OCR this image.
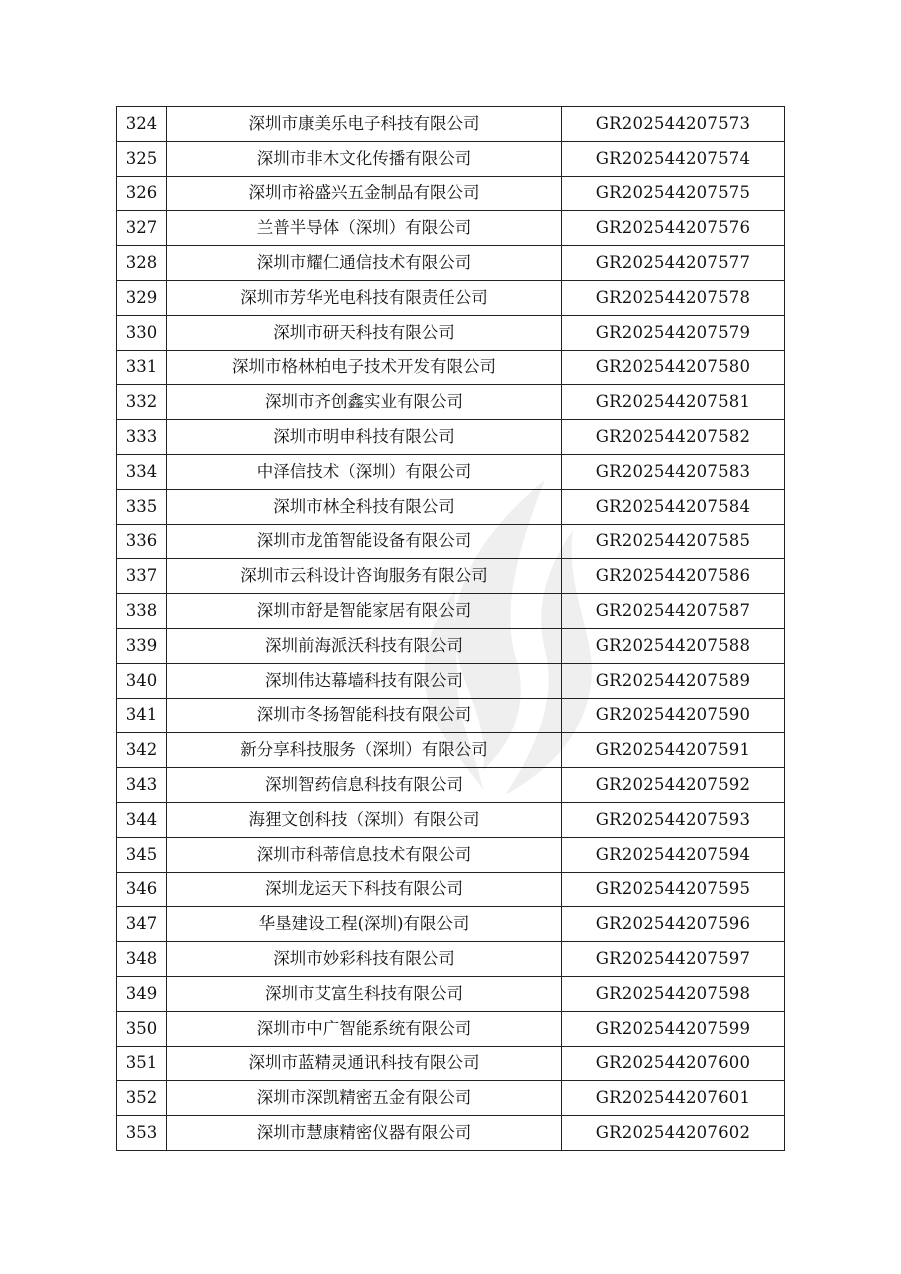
324	深圳市康美乐电子科技有限公司	GR202544207573
325	深圳市非木文化传播有限公司	GR202544207574
326	深圳市裕盛兴五金制品有限公司	GR202544207575
327	兰普半导体（深圳）有限公司	GR202544207576
328	深圳市耀仁通信技术有限公司	GR202544207577
329	深圳市芳华光电科技有限责任公司	GR202544207578
330	深圳市研天科技有限公司	GR202544207579
331	深圳市格林柏电子技术开发有限公司	GR202544207580
332	深圳市齐创鑫实业有限公司	GR202544207581
333	深圳市明申科技有限公司	GR202544207582
334	中泽信技术（深圳）有限公司	GR202544207583
335	深圳市林全科技有限公司	GR202544207584
336	深圳市龙笛智能设备有限公司	GR202544207585
337	深圳市云科设计咨询服务有限公司	GR202544207586
338	深圳市舒是智能家居有限公司	GR202544207587
339	深圳前海派沃科技有限公司	GR202544207588
340	深圳伟达幕墙科技有限公司	GR202544207589
341	深圳市冬扬智能科技有限公司	GR202544207590
342	新分享科技服务（深圳）有限公司	GR202544207591
343	深圳智药信息科技有限公司	GR202544207592
344	海狸文创科技（深圳）有限公司	GR202544207593
345	深圳市科蒂信息技术有限公司	GR202544207594
346	深圳龙运天下科技有限公司	GR202544207595
347	华垦建设工程(深圳)有限公司	GR202544207596
348	深圳市妙彩科技有限公司	GR202544207597
349	深圳市艾富生科技有限公司	GR202544207598
350	深圳市中广智能系统有限公司	GR202544207599
351	深圳市蓝精灵通讯科技有限公司	GR202544207600
352	深圳市深凯精密五金有限公司	GR202544207601
353	深圳市慧康精密仪器有限公司	GR202544207602
